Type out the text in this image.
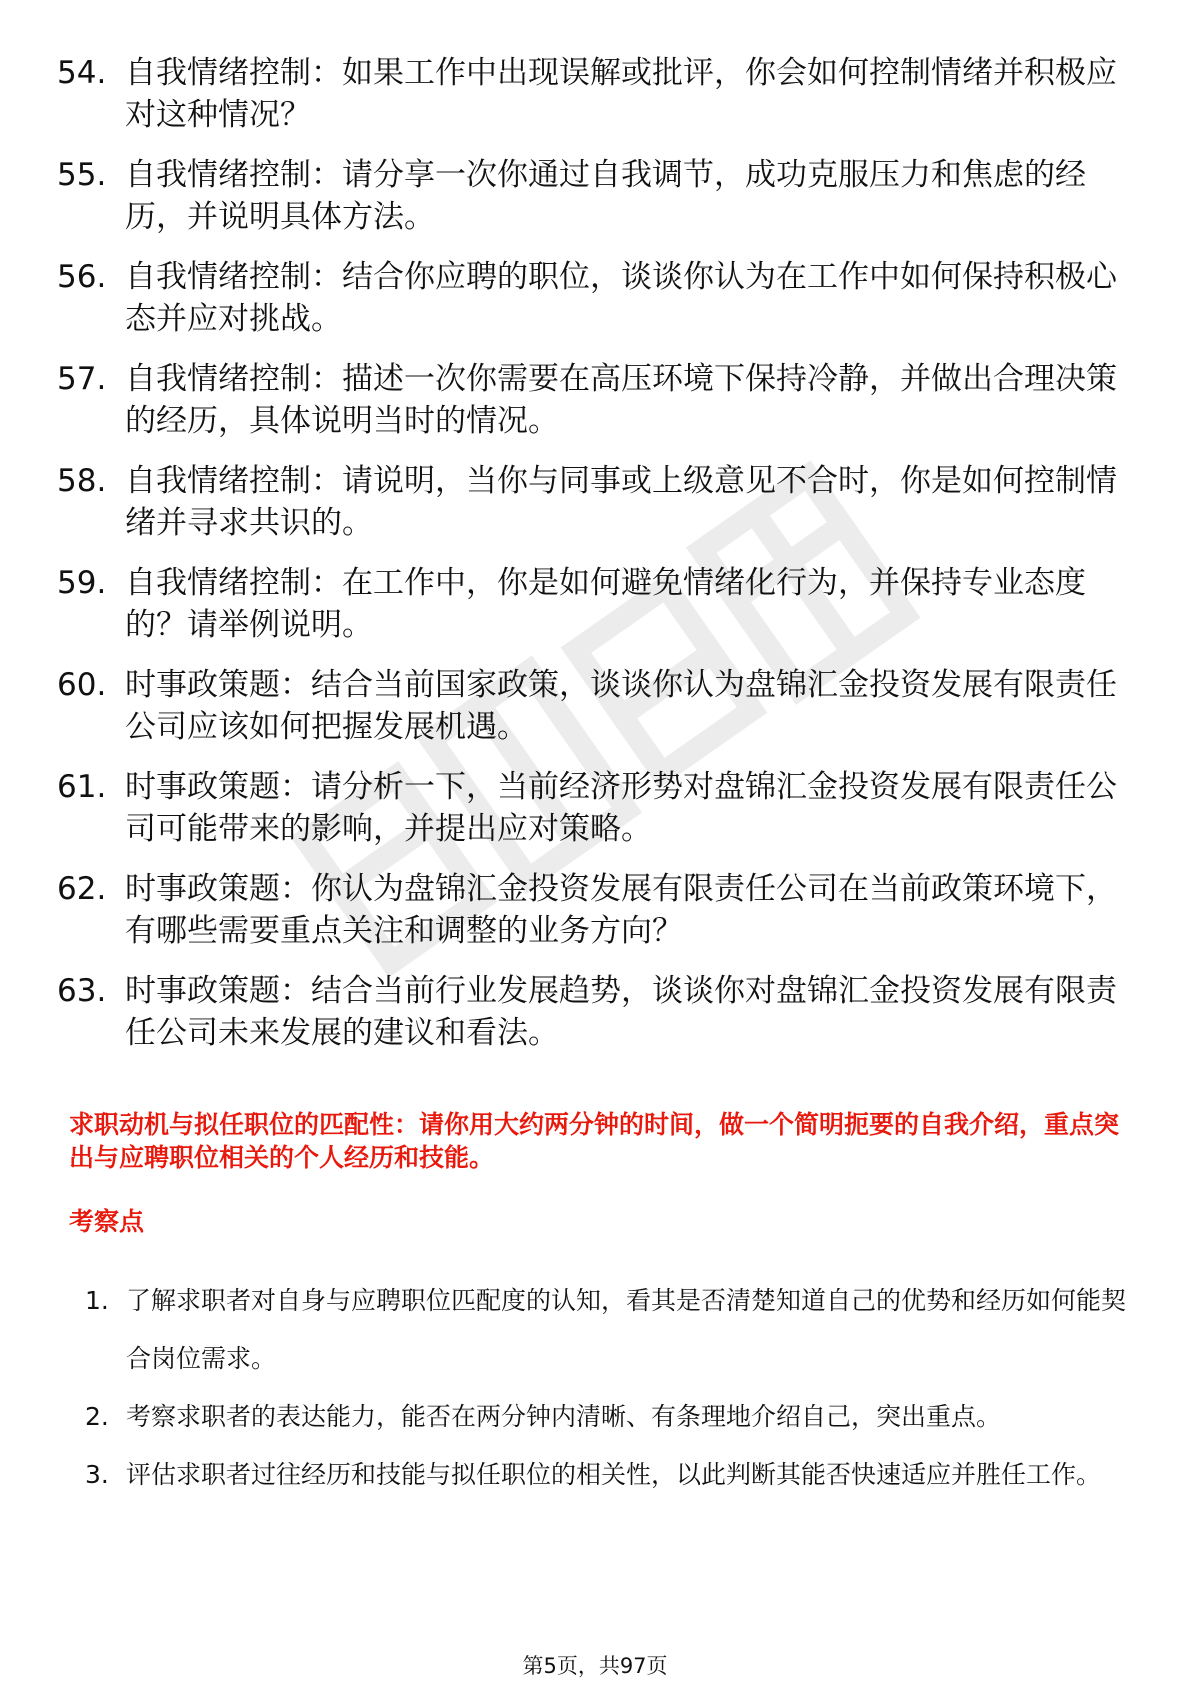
54. 自我情绪控制：如果工作中出现误解或批评，你会如何控制情绪并积极应对这种情况？
55. 自我情绪控制：请分享一次你通过自我调节，成功克服压力和焦虑的经历，并说明具体方法。
56. 自我情绪控制：结合你应聘的职位，谈谈你认为在工作中如何保持积极心态并应对挑战。
57. 自我情绪控制：描述一次你需要在高压环境下保持冷静，并做出合理决策的经历，具体说明当时的情况。
58. 自我情绪控制：请说明，当你与同事或上级意见不合时，你是如何控制情绪并寻求共识的。
59. 自我情绪控制：在工作中，你是如何避免情绪化行为，并保持专业态度的？请举例说明。
60. 时事政策题：结合当前国家政策，谈谈你认为盘锦汇金投资发展有限责任公司应该如何把握发展机遇。
61. 时事政策题：请分析一下，当前经济形势对盘锦汇金投资发展有限责任公司可能带来的影响，并提出应对策略。
62. 时事政策题：你认为盘锦汇金投资发展有限责任公司在当前政策环境下，有哪些需要重点关注和调整的业务方向？
63. 时事政策题：结合当前行业发展趋势，谈谈你对盘锦汇金投资发展有限责任公司未来发展的建议和看法。
求职动机与拟任职位的匹配性：请你用大约两分钟的时间，做一个简明扼要的自我介绍，重点突出与应聘职位相关的个人经历和技能。
考察点
1. 了解求职者对自身与应聘职位匹配度的认知，看其是否清楚知道自己的优势和经历如何能契合岗位需求。
2. 考察求职者的表达能力，能否在两分钟内清晰、有条理地介绍自己，突出重点。
3. 评估求职者过往经历和技能与拟任职位的相关性，以此判断其能否快速适应并胜任工作。
第5页，共97页
